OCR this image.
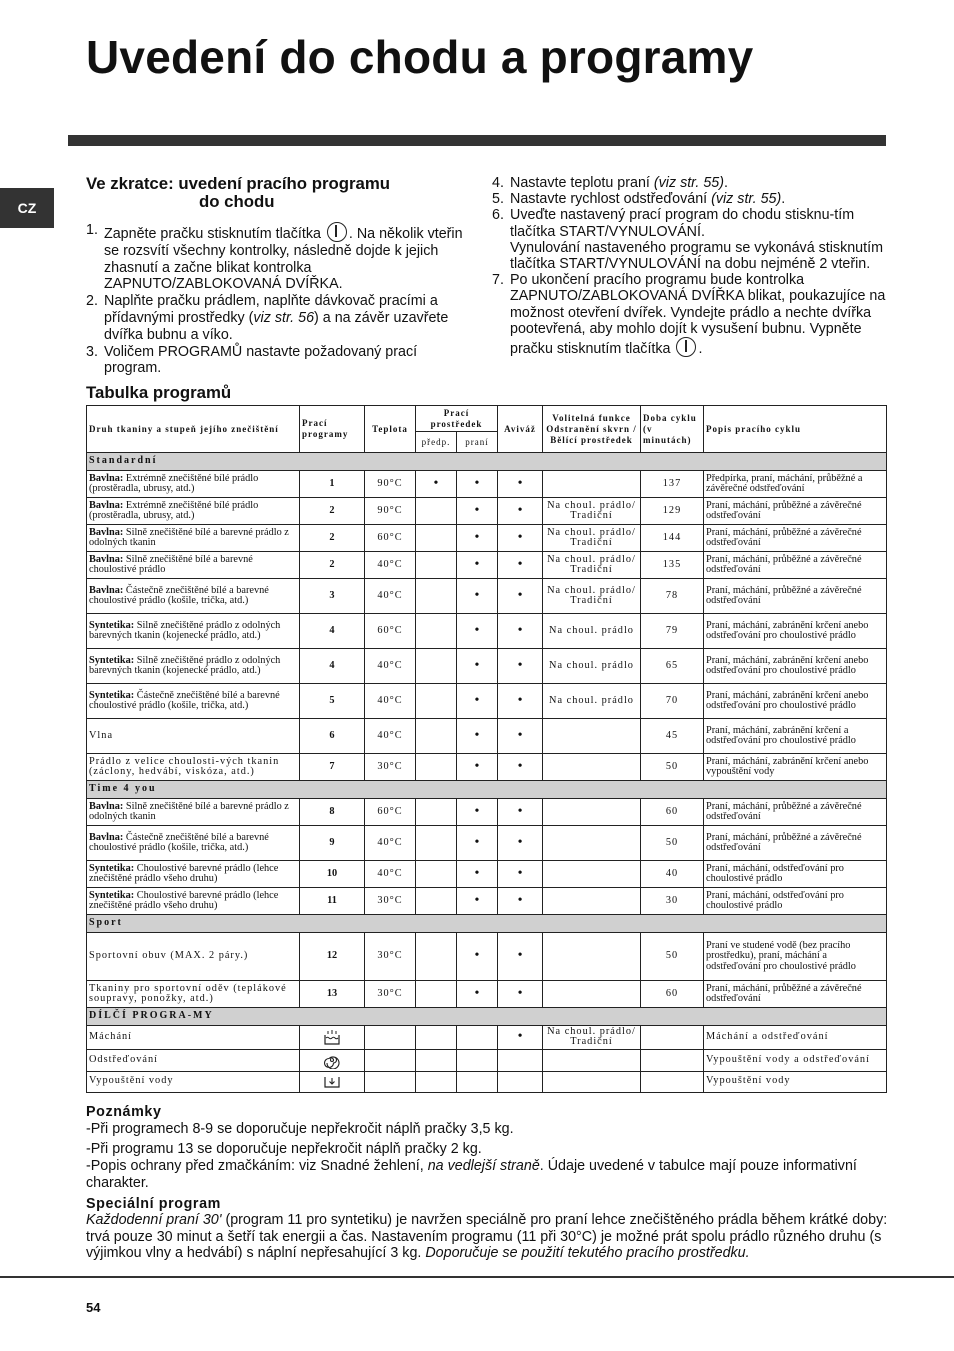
Uvedení do chodu a programy
CZ
Ve zkratce: uvedení pracího programu
do chodu
1. Zapněte pračku stisknutím tlačítka . Na několik vteřin se rozsvítí všechny kontrolky, následně dojde k jejich zhasnutí a začne blikat kontrolka ZAPNUTO/ZABLOKOVANÁ DVÍŘKA.
2. Naplňte pračku prádlem, naplňte dávkovač pracími a přídavnými prostředky (viz str. 56) a na závěr uzavřete dvířka bubnu a víko.
3. Voličem PROGRAMŮ nastavte požadovaný prací program.
4. Nastavte teplotu praní (viz str. 55).
5. Nastavte rychlost odstřeďování (viz str. 55).
6. Uveďte nastavený prací program do chodu stisknu-tím tlačítka START/VYNULOVÁNÍ.
Vynulování nastaveného programu se vykonává stisknutím tlačítka START/VYNULOVÁNÍ na dobu nejméně 2 vteřin.
7. Po ukončení pracího programu bude kontrolka ZAPNUTO/ZABLOKOVANÁ DVÍŘKA blikat, poukazujíce na možnost otevření dvířek. Vyndejte prádlo a nechte dvířka pootevřená, aby mohlo dojít k vysušení bubnu. Vypněte pračku stisknutím tlačítka .
Tabulka programů
Druh tkaniny a stupeň jejího znečištění	Prací programy	Teplota	Prací prostředek		Aviváž	Volitelná funkce Odstranění skvrn / Bělící prostředek	Doba cyklu (v minutách)	Popis pracího cyklu
			předp.	praní				
Standardní								
Bavlna: Extrémně znečištěné bílé prádlo (prostěradla, ubrusy, atd.)	1	90°C	•	•	•		137	Předpírka, praní, máchání, průběžné a závěrečné odstřeďování
Bavlna: Extrémně znečištěné bílé prádlo (prostěradla, ubrusy, atd.)	2	90°C		•	•	Na choul. prádlo/ Tradiční	129	Praní, máchání, průběžné a závěrečné odstřeďování
Bavlna: Silně znečištěné bílé a barevné prádlo z odolných tkanin	2	60°C		•	•	Na choul. prádlo/ Tradiční	144	Praní, máchání, průběžné a závěrečné odstřeďování
Bavlna: Silně znečištěné bílé a barevné choulostivé prádlo	2	40°C		•	•	Na choul. prádlo/ Tradiční	135	Praní, máchání, průběžné a závěrečné odstřeďování
Bavlna: Částečně znečištěné bílé a barevné choulostivé prádlo (košile, trička, atd.)	3	40°C		•	•	Na choul. prádlo/ Tradiční	78	Praní, máchání, průběžné a závěrečné odstřeďování
Syntetika: Silně znečištěné prádlo z odolných barevných tkanin (kojenecké prádlo, atd.)	4	60°C		•	•	Na choul. prádlo	79	Praní, máchání, zabránění krčení anebo odstřeďování pro choulostivé prádlo
Syntetika: Silně znečištěné prádlo z odolných barevných tkanin (kojenecké prádlo, atd.)	4	40°C		•	•	Na choul. prádlo	65	Praní, máchání, zabránění krčení anebo odstřeďování pro choulostivé prádlo
Syntetika: Částečně znečištěné bílé a barevné choulostivé prádlo (košile, trička, atd.)	5	40°C		•	•	Na choul. prádlo	70	Praní, máchání, zabránění krčení anebo odstřeďování pro choulostivé prádlo
Vlna	6	40°C		•	•		45	Praní, máchání, zabránění krčení a odstřeďování pro choulostivé prádlo
Prádlo z velice choulosti-vých tkanin (záclony, hedvábí, viskóza, atd.)	7	30°C		•	•		50	Praní, máchání, zabránění krčení anebo vypouštění vody
Time 4 you								
Bavlna: Silně znečištěné bílé a barevné prádlo z odolných tkanin	8	60°C		•	•		60	Praní, máchání, průběžné a závěrečné odstřeďování
Bavlna: Částečně znečištěné bílé a barevné choulostivé prádlo (košile, trička, atd.)	9	40°C		•	•		50	Praní, máchání, průběžné a závěrečné odstřeďování
Syntetika: Choulostivé barevné prádlo (lehce znečištěné prádlo všeho druhu)	10	40°C		•	•		40	Praní, máchání, odstřeďování pro choulostivé prádlo
Syntetika: Choulostivé barevné prádlo (lehce znečištěné prádlo všeho druhu)	11	30°C		•	•		30	Praní, máchání, odstřeďování pro choulostivé prádlo
Sport								
Sportovní obuv (MAX. 2 páry.)	12	30°C		•	•		50	Praní ve studené vodě (bez pracího prostředku), praní, máchání a odstřeďování pro choulostivé prádlo
Tkaniny pro sportovní oděv (teplákové soupravy, ponožky, atd.)	13	30°C		•	•		60	Praní, máchání, průběžné a závěrečné odstřeďování
DÍLČÍ PROGRA-MY								
Máchání					•	Na choul. prádlo/ Tradiční		Máchání a odstřeďování
Odstřeďování								Vypouštění vody a odstřeďování
Vypouštění vody								Vypouštění vody
Poznámky
-Při programech 8-9 se doporučuje nepřekročit náplň pračky 3,5 kg.
-Při programu 13 se doporučuje nepřekročit náplň pračky 2 kg.
-Popis ochrany před zmačkáním: viz Snadné žehlení, na vedlejší straně. Údaje uvedené v tabulce mají pouze informativní charakter.
Speciální program
Každodenní praní 30' (program 11 pro syntetiku) je navržen speciálně pro praní lehce znečištěného prádla během krátké doby: trvá pouze 30 minut a šetří tak energii a čas. Nastavením programu (11 při 30°C) je možné prát spolu prádlo různého druhu (s výjimkou vlny a hedvábí) s náplní nepřesahující 3 kg. Doporučuje se použití tekutého pracího prostředku.
54
